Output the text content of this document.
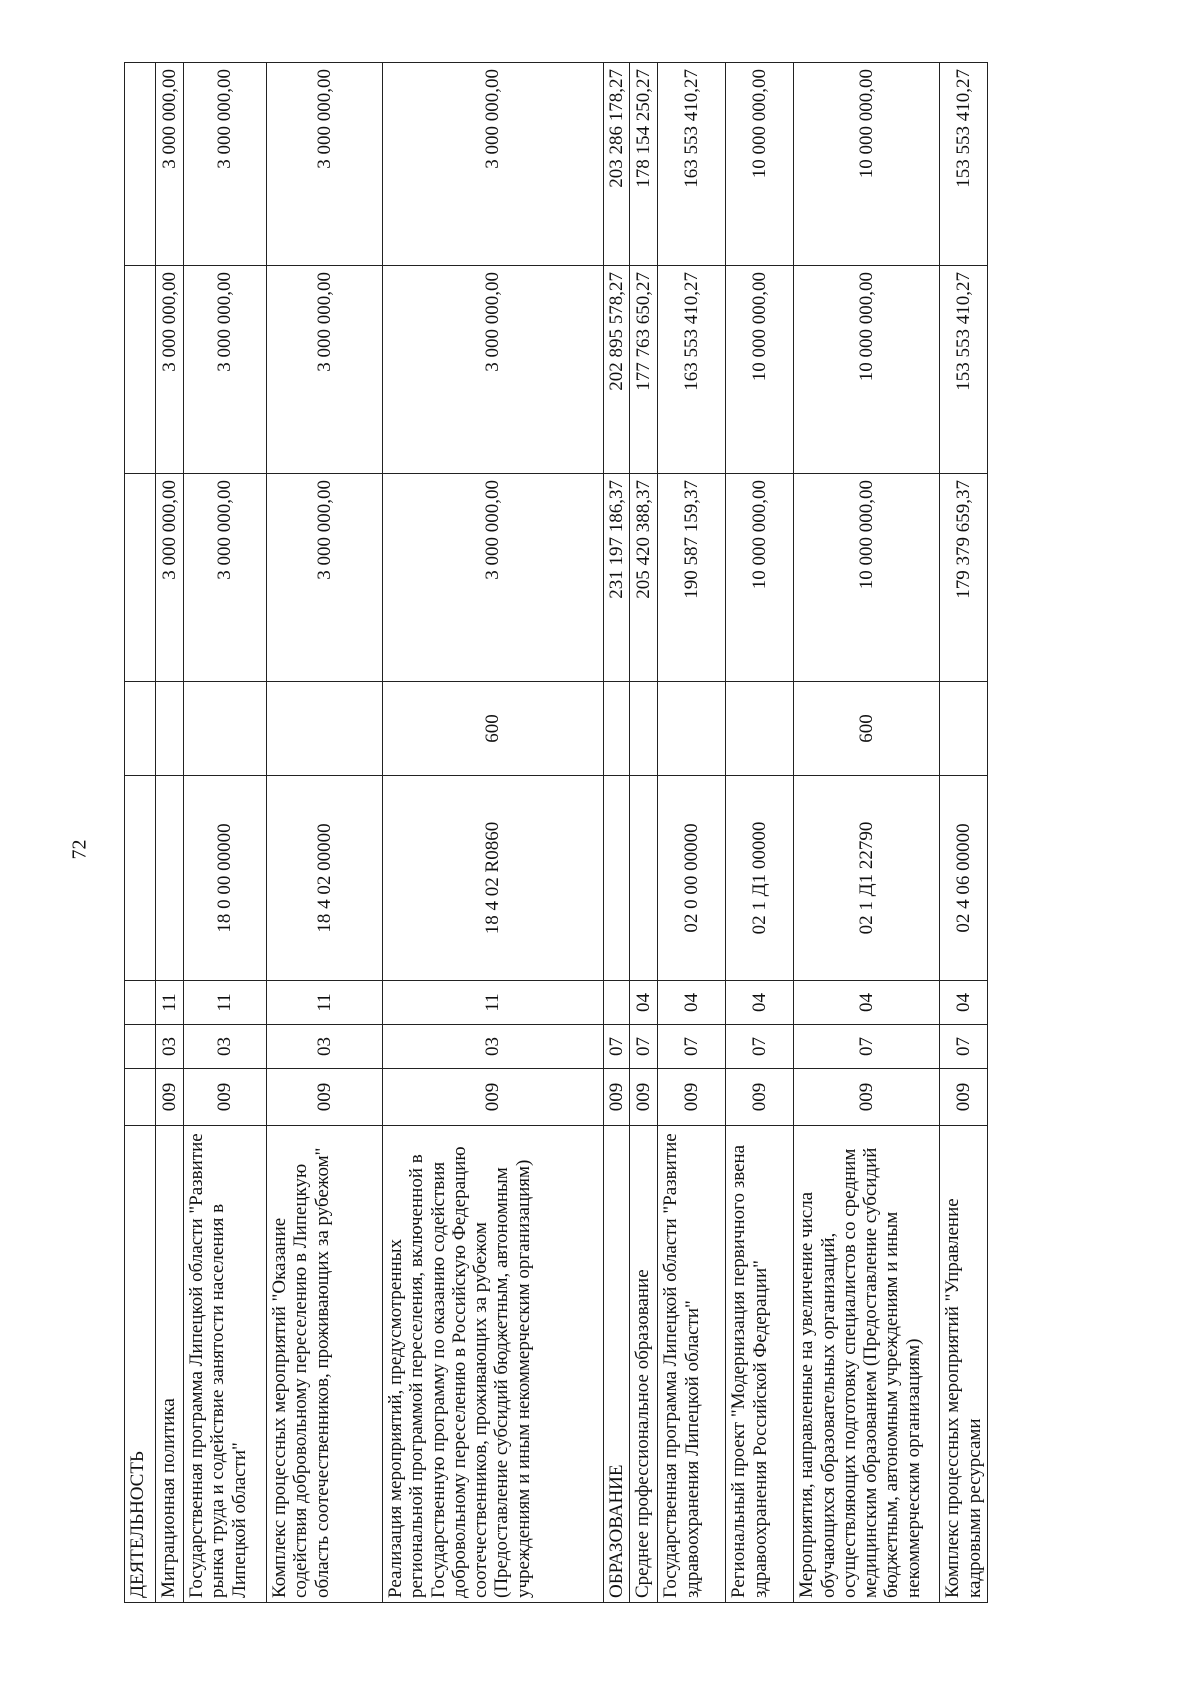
72
ДЕЯТЕЛЬНОСТЬ								
Миграционная политика	009	03	11			3 000 000,00	3 000 000,00	3 000 000,00
Государственная программа Липецкой области "Развитие рынка труда и содействие занятости населения в Липецкой области"	009	03	11	18 0 00 00000		3 000 000,00	3 000 000,00	3 000 000,00
Комплекс процессных мероприятий "Оказание содействия добровольному переселению в Липецкую область соотечественников, проживающих за рубежом"	009	03	11	18 4 02 00000		3 000 000,00	3 000 000,00	3 000 000,00
Реализация мероприятий, предусмотренных региональной программой переселения, включенной в Государственную программу по оказанию содействия добровольному переселению в Российскую Федерацию соотечественников, проживающих за рубежом (Предоставление субсидий бюджетным, автономным учреждениям и иным некоммерческим организациям)	009	03	11	18 4 02 R0860	600	3 000 000,00	3 000 000,00	3 000 000,00
ОБРАЗОВАНИЕ	009	07				231 197 186,37	202 895 578,27	203 286 178,27
Среднее профессиональное образование	009	07	04			205 420 388,37	177 763 650,27	178 154 250,27
Государственная программа Липецкой области "Развитие здравоохранения Липецкой области"	009	07	04	02 0 00 00000		190 587 159,37	163 553 410,27	163 553 410,27
Региональный проект "Модернизация первичного звена здравоохранения Российской Федерации"	009	07	04	02 1 Д1 00000		10 000 000,00	10 000 000,00	10 000 000,00
Мероприятия, направленные на увеличение числа обучающихся образовательных организаций, осуществляющих подготовку специалистов со средним медицинским образованием (Предоставление субсидий бюджетным, автономным учреждениям и иным некоммерческим организациям)	009	07	04	02 1 Д1 22790	600	10 000 000,00	10 000 000,00	10 000 000,00
Комплекс процессных мероприятий "Управление кадровыми ресурсами	009	07	04	02 4 06 00000		179 379 659,37	153 553 410,27	153 553 410,27
